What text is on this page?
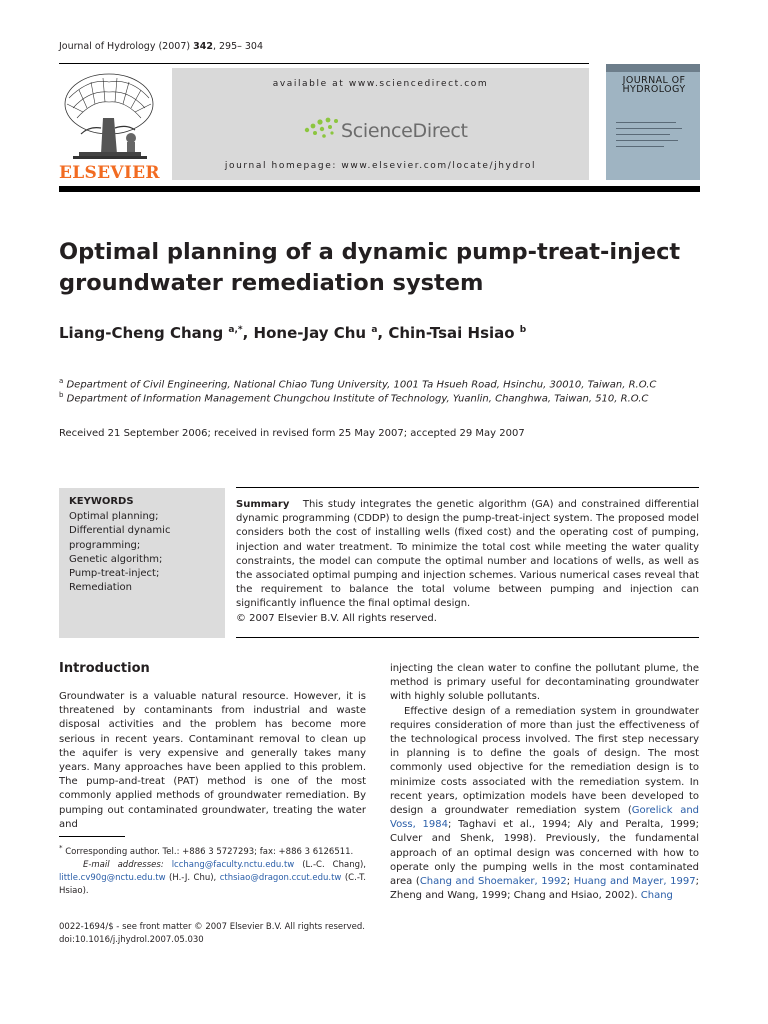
Journal of Hydrology (2007) 342, 295– 304
ELSEVIER
available at www.sciencedirect.com
ScienceDirect
journal homepage: www.elsevier.com/locate/jhydrol
JOURNAL OF HYDROLOGY
Optimal planning of a dynamic pump-treat-inject groundwater remediation system
Liang-Cheng Chang $^{a,*}$, Hone-Jay Chu $^a$, Chin-Tsai Hsiao $^b$
$^a$ Department of Civil Engineering, National Chiao Tung University, 1001 Ta Hsueh Road, Hsinchu, 30010, Taiwan, R.O.C
$^b$ Department of Information Management Chungchou Institute of Technology, Yuanlin, Changhwa, Taiwan, 510, R.O.C
Received 21 September 2006; received in revised form 25 May 2007; accepted 29 May 2007
KEYWORDS
Optimal planning;
Differential dynamic programming;
Genetic algorithm;
Pump-treat-inject;
Remediation
Summary This study integrates the genetic algorithm (GA) and constrained differential dynamic programming (CDDP) to design the pump-treat-inject system. The proposed model considers both the cost of installing wells (fixed cost) and the operating cost of pumping, injection and water treatment. To minimize the total cost while meeting the water quality constraints, the model can compute the optimal number and locations of wells, as well as the associated optimal pumping and injection schemes. Various numerical cases reveal that the requirement to balance the total volume between pumping and injection can significantly influence the final optimal design.
© 2007 Elsevier B.V. All rights reserved.
Introduction
Groundwater is a valuable natural resource. However, it is threatened by contaminants from industrial and waste disposal activities and the problem has become more serious in recent years. Contaminant removal to clean up the aquifer is very expensive and generally takes many years. Many approaches have been applied to this problem. The pump-and-treat (PAT) method is one of the most commonly applied methods of groundwater remediation. By pumping out contaminated groundwater, treating the water and
injecting the clean water to confine the pollutant plume, the method is primary useful for decontaminating groundwater with highly soluble pollutants.
Effective design of a remediation system in groundwater requires consideration of more than just the effectiveness of the technological process involved. The first step necessary in planning is to define the goals of design. The most commonly used objective for the remediation design is to minimize costs associated with the remediation system. In recent years, optimization models have been developed to design a groundwater remediation system (Gorelick and Voss, 1984; Taghavi et al., 1994; Aly and Peralta, 1999; Culver and Shenk, 1998). Previously, the fundamental approach of an optimal design was concerned with how to operate only the pumping wells in the most contaminated area (Chang and Shoemaker, 1992; Huang and Mayer, 1997; Zheng and Wang, 1999; Chang and Hsiao, 2002). Chang
* Corresponding author. Tel.: +886 3 5727293; fax: +886 3 6126511.
E-mail addresses: lcchang@faculty.nctu.edu.tw (L.-C. Chang), little.cv90g@nctu.edu.tw (H.-J. Chu), cthsiao@dragon.ccut.edu.tw (C.-T. Hsiao).
0022-1694/$ - see front matter © 2007 Elsevier B.V. All rights reserved.
doi:10.1016/j.jhydrol.2007.05.030
